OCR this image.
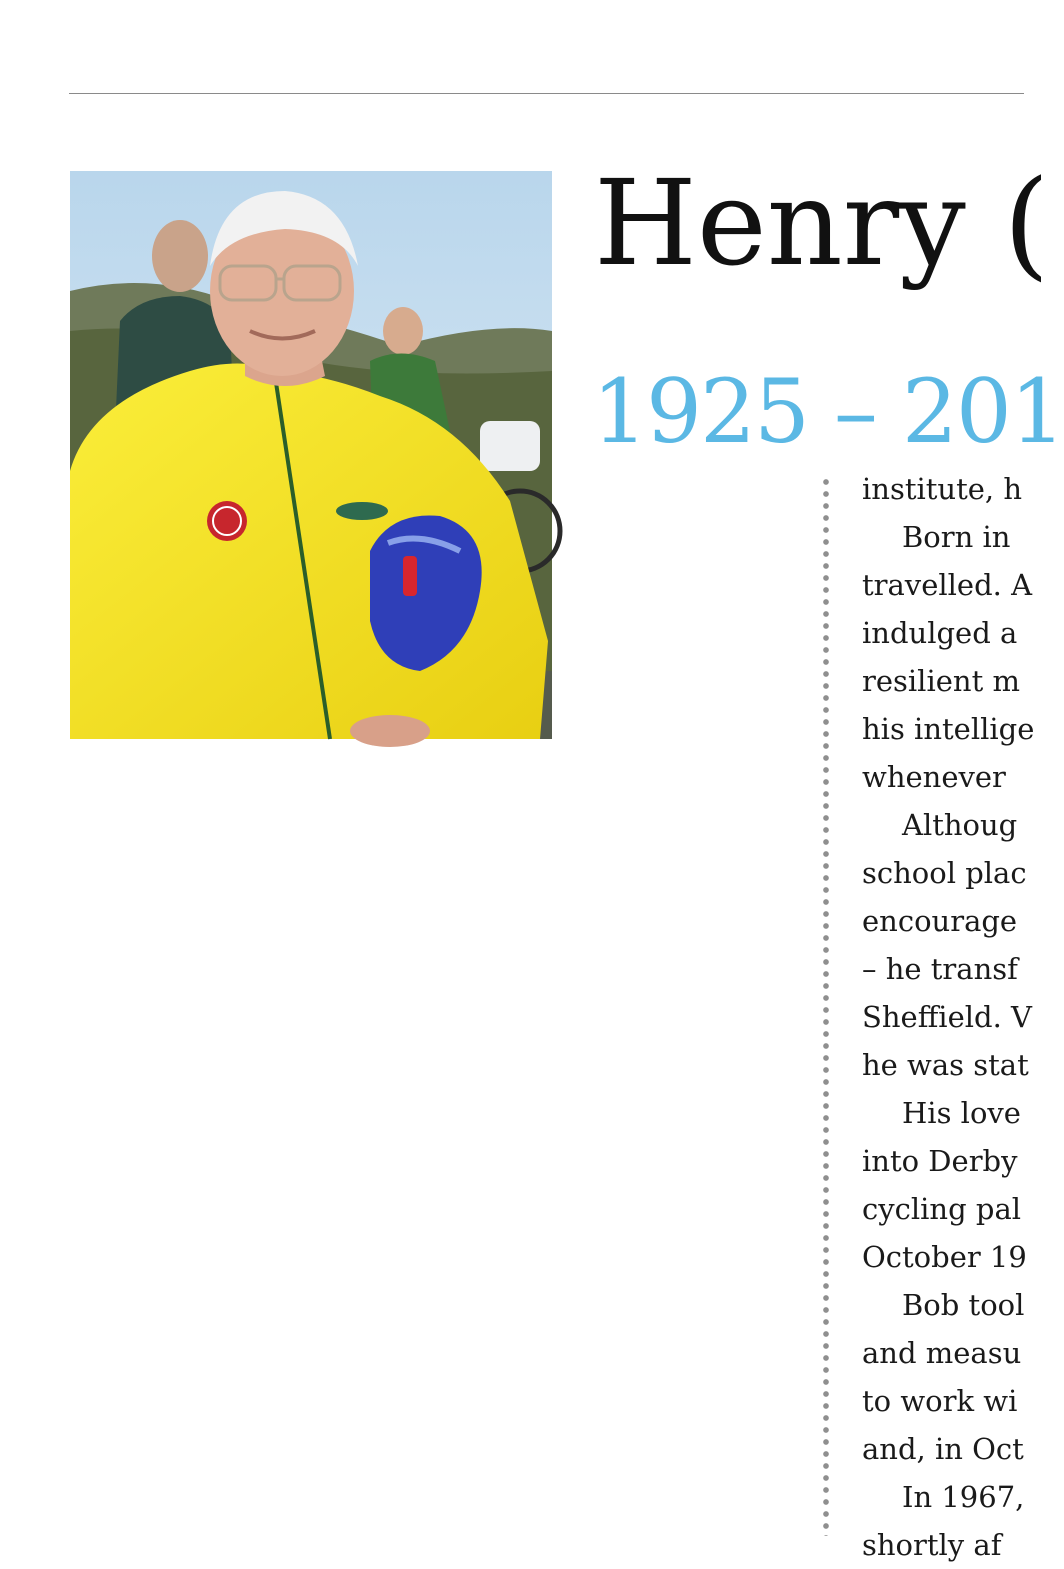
Henry (
1925 – 201
institute, h
Born in
travelled. A
indulged a
resilient m
his intellige
whenever
Althoug
school plac
encourage
– he transf
Sheffield. V
he was stat
His love
into Derby
cycling pal
October 19
Bob tool
and measu
to work wi
and, in Oct
In 1967,
shortly af
